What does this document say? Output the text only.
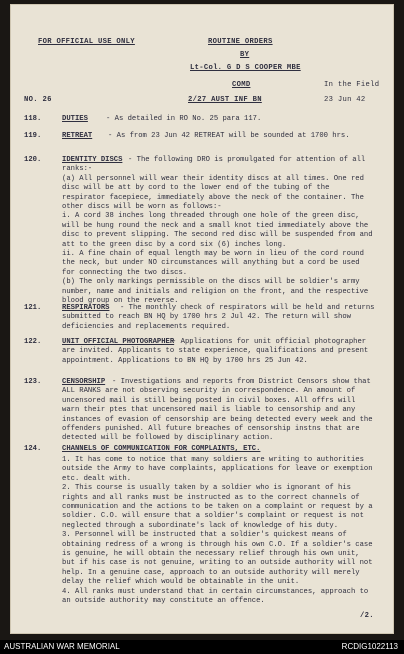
FOR OFFICIAL USE ONLY	ROUTINE ORDERS
BY
Lt-Col. G D S COOPER MBE
COMD	In the Field
NO. 26	2/27 AUST INF BN	23 Jun 42
118.	DUTIES	- As detailed in RO No. 25 para 117.
119.	RETREAT - As from 23 Jun 42 RETREAT will be sounded at 1700 hrs.
120.	IDENTITY DISCS - The following DRO is promulgated for attention of all ranks:-
(a) All personnel will wear their identity discs at all times. One red disc will be att by cord to the lower end of the tubing of the respirator facepiece, immediately above the neck of the container. The other discs will be worn as follows:-
i. A cord 38 inches long threaded through one hole of the green disc, will be hung round the neck and a small knot tied immediately above the disc to prevent slipping. The second red disc will be suspended from and att to the green disc by a cord six (6) inches long.
ii. A fine chain of equal length may be worn in lieu of the cord round the neck, but under NO circumstances will anything but a cord be used for connecting the two discs.
(b) The only markings permissible on the discs will be soldier's army number, name and initials and religion on the front, and the respective blood group on the reverse.
121.	RESPIRATORS	- The monthly check of respirators will be held and returns submitted to reach BN HQ by 1700 hrs 2 Jul 42. The return will show deficiencies and replacements required.
122.	UNIT OFFICIAL PHOTOGRAPHER
- Applications for unit official photographer are invited. Applicants to state experience, qualifications and present appointment. Applications to BN HQ by 1700 hrs 25 Jun 42.
123.	CENSORSHIP - Investigations and reports from District Censors show that ALL RANKS are not observing security in correspondence. An amount of uncensored mail is still being posted in civil boxes. All offrs will warn their ptes that uncensored mail is liable to censorship and any instances of evasion of censorship are being detected every week and the offenders punished. All future breaches of censorship instns that are detected will be followed by disciplinary action.
124.	CHANNELS OF COMMUNICATION FOR COMPLAINTS, ETC.
1. It has come to notice that many soldiers are writing to authorities outside the Army to have complaints, applications for leave or exemption etc. dealt with.
2. This course is usually taken by a soldier who is ignorant of his rights and all ranks must be instructed as to the correct channels of communication and the actions to be taken on a complaint or request by a soldier. C.O. will ensure that a soldier's complaint or request is not neglected through a subordinate's lack of knowledge of his duty.
3. Personnel will be instructed that a soldier's quickest means of obtaining redress of a wrong is through his own C.O. If a soldier's case is genuine, he will obtain the necessary relief through his own unit, but if his case is not genuine, writing to an outside authority will not help. In a genuine case, approach to an outside authority will merely delay the relief which would be obtainable in the unit.
4. All ranks must understand that in certain circumstances, approach to an outside authority may constitute an offence.
/2.
AUSTRALIAN WAR MEMORIAL	RCDIG1022113
